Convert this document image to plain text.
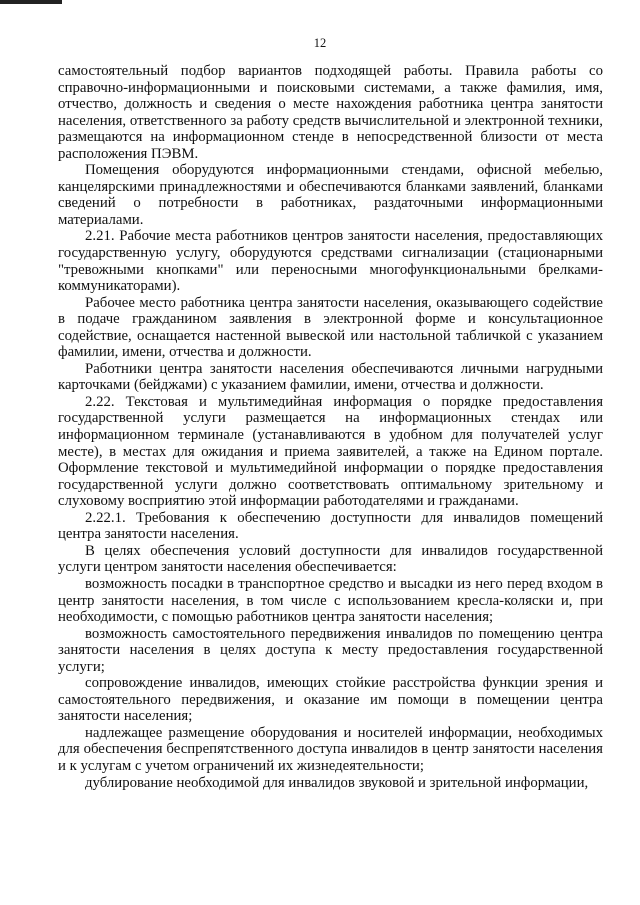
12

самостоятельный подбор вариантов подходящей работы. Правила работы со справочно-информационными и поисковыми системами, а также фамилия, имя, отчество, должность и сведения о месте нахождения работника центра занятости населения, ответственного за работу средств вычислительной и электронной техники, размещаются на информационном стенде в непосредственной близости от места расположения ПЭВМ.

Помещения оборудуются информационными стендами, офисной мебелью, канцелярскими принадлежностями и обеспечиваются бланками заявлений, бланками сведений о потребности в работниках, раздаточными информационными материалами.

2.21. Рабочие места работников центров занятости населения, предоставляющих государственную услугу, оборудуются средствами сигнализации (стационарными "тревожными кнопками" или переносными многофункциональными брелками-коммуникаторами).

Рабочее место работника центра занятости населения, оказывающего содействие в подаче гражданином заявления в электронной форме и консультационное содействие, оснащается настенной вывеской или настольной табличкой с указанием фамилии, имени, отчества и должности.

Работники центра занятости населения обеспечиваются личными нагрудными карточками (бейджами) с указанием фамилии, имени, отчества и должности.

2.22. Текстовая и мультимедийная информация о порядке предоставления государственной услуги размещается на информационных стендах или информационном терминале (устанавливаются в удобном для получателей услуг месте), в местах для ожидания и приема заявителей, а также на Едином портале. Оформление текстовой и мультимедийной информации о порядке предоставления государственной услуги должно соответствовать оптимальному зрительному и слуховому восприятию этой информации работодателями и гражданами.

2.22.1. Требования к обеспечению доступности для инвалидов помещений центра занятости населения.

В целях обеспечения условий доступности для инвалидов государственной услуги центром занятости населения обеспечивается:

возможность посадки в транспортное средство и высадки из него перед входом в центр занятости населения, в том числе с использованием кресла-коляски и, при необходимости, с помощью работников центра занятости населения;

возможность самостоятельного передвижения инвалидов по помещению центра занятости населения в целях доступа к месту предоставления государственной услуги;

сопровождение инвалидов, имеющих стойкие расстройства функции зрения и самостоятельного передвижения, и оказание им помощи в помещении центра занятости населения;

надлежащее размещение оборудования и носителей информации, необходимых для обеспечения беспрепятственного доступа инвалидов в центр занятости населения и к услугам с учетом ограничений их жизнедеятельности;

дублирование необходимой для инвалидов звуковой и зрительной информации,
